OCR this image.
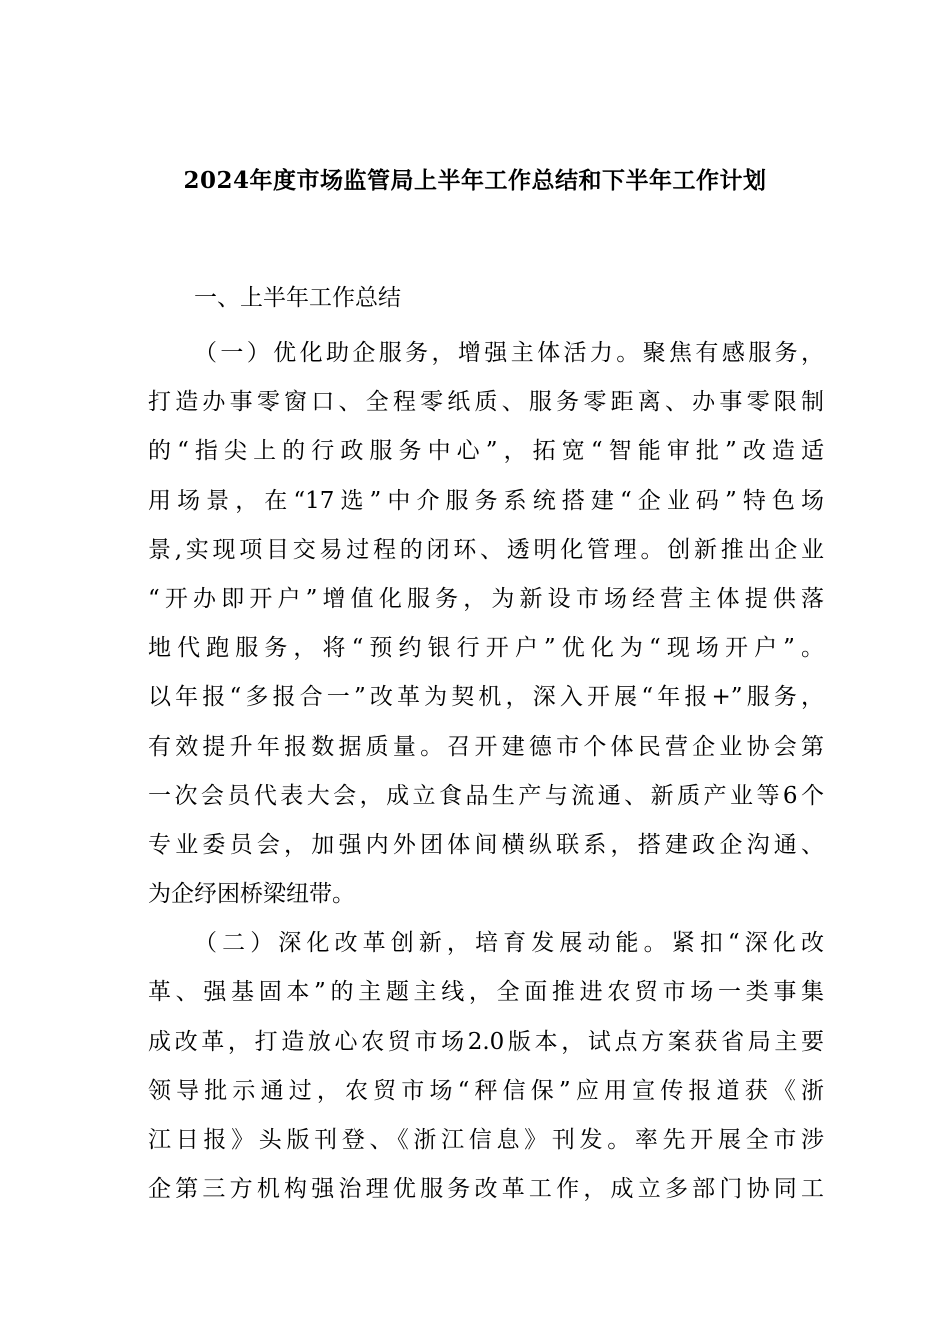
2024年度市场监管局上半年工作总结和下半年工作计划
一、上半年工作总结
（一）优化助企服务，增强主体活力。聚焦有感服务，
打造办事零窗口、全程零纸质、服务零距离、办事零限制
的“指尖上的行政服务中心”，拓宽“智能审批”改造适
用场景，在“17选”中介服务系统搭建“企业码”特色场
景,实现项目交易过程的闭环、透明化管理。创新推出企业
“开办即开户”增值化服务，为新设市场经营主体提供落
地代跑服务，将“预约银行开户”优化为“现场开户”。
以年报“多报合一”改革为契机，深入开展“年报+”服务，
有效提升年报数据质量。召开建德市个体民营企业协会第
一次会员代表大会，成立食品生产与流通、新质产业等6个
专业委员会，加强内外团体间横纵联系，搭建政企沟通、
为企纾困桥梁纽带。
（二）深化改革创新，培育发展动能。紧扣“深化改
革、强基固本”的主题主线，全面推进农贸市场一类事集
成改革，打造放心农贸市场2.0版本，试点方案获省局主要
领导批示通过，农贸市场“秤信保”应用宣传报道获《浙
江日报》头版刊登、《浙江信息》刊发。率先开展全市涉
企第三方机构强治理优服务改革工作，成立多部门协同工
